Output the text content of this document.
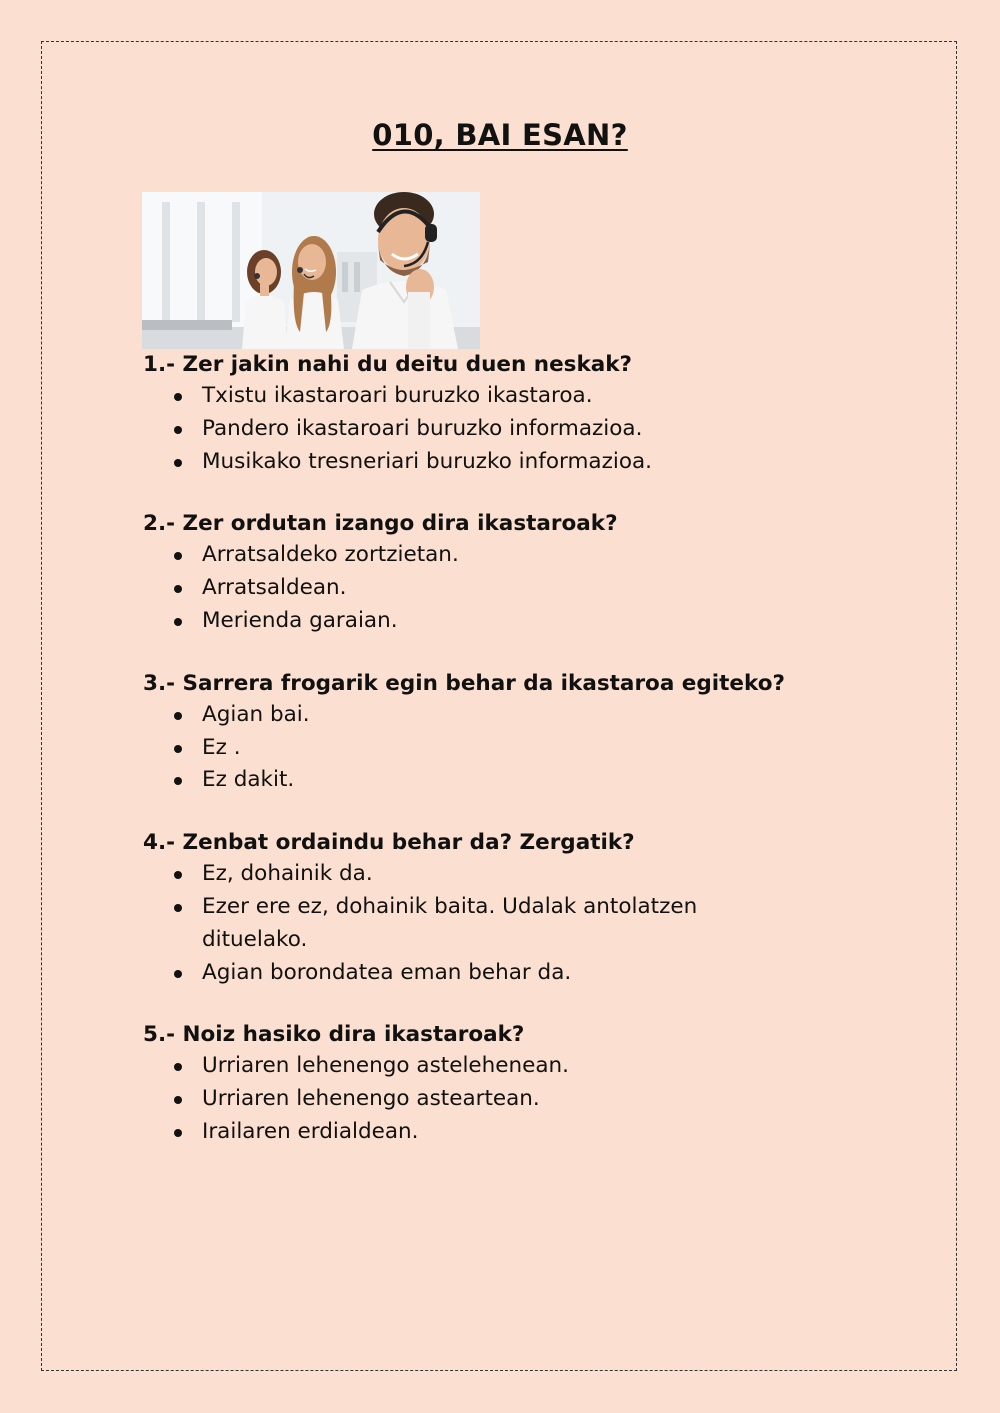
010, BAI ESAN?

1.- Zer jakin nahi du deitu duen neskak?

Txistu ikastaroari buruzko ikastaroa.
Pandero ikastaroari buruzko informazioa.
Musikako tresneriari buruzko informazioa.

2.- Zer ordutan izango dira ikastaroak?

Arratsaldeko zortzietan.
Arratsaldean.
Merienda garaian.

3.- Sarrera frogarik egin behar da ikastaroa egiteko?

Agian bai.
Ez .
Ez dakit.

4.- Zenbat ordaindu behar da? Zergatik?

Ez, dohainik da.
Ezer ere ez, dohainik baita. Udalak antolatzen dituelako.
Agian borondatea eman behar da.

5.- Noiz hasiko dira ikastaroak?

Urriaren lehenengo astelehenean.
Urriaren lehenengo asteartean.
Irailaren erdialdean.
